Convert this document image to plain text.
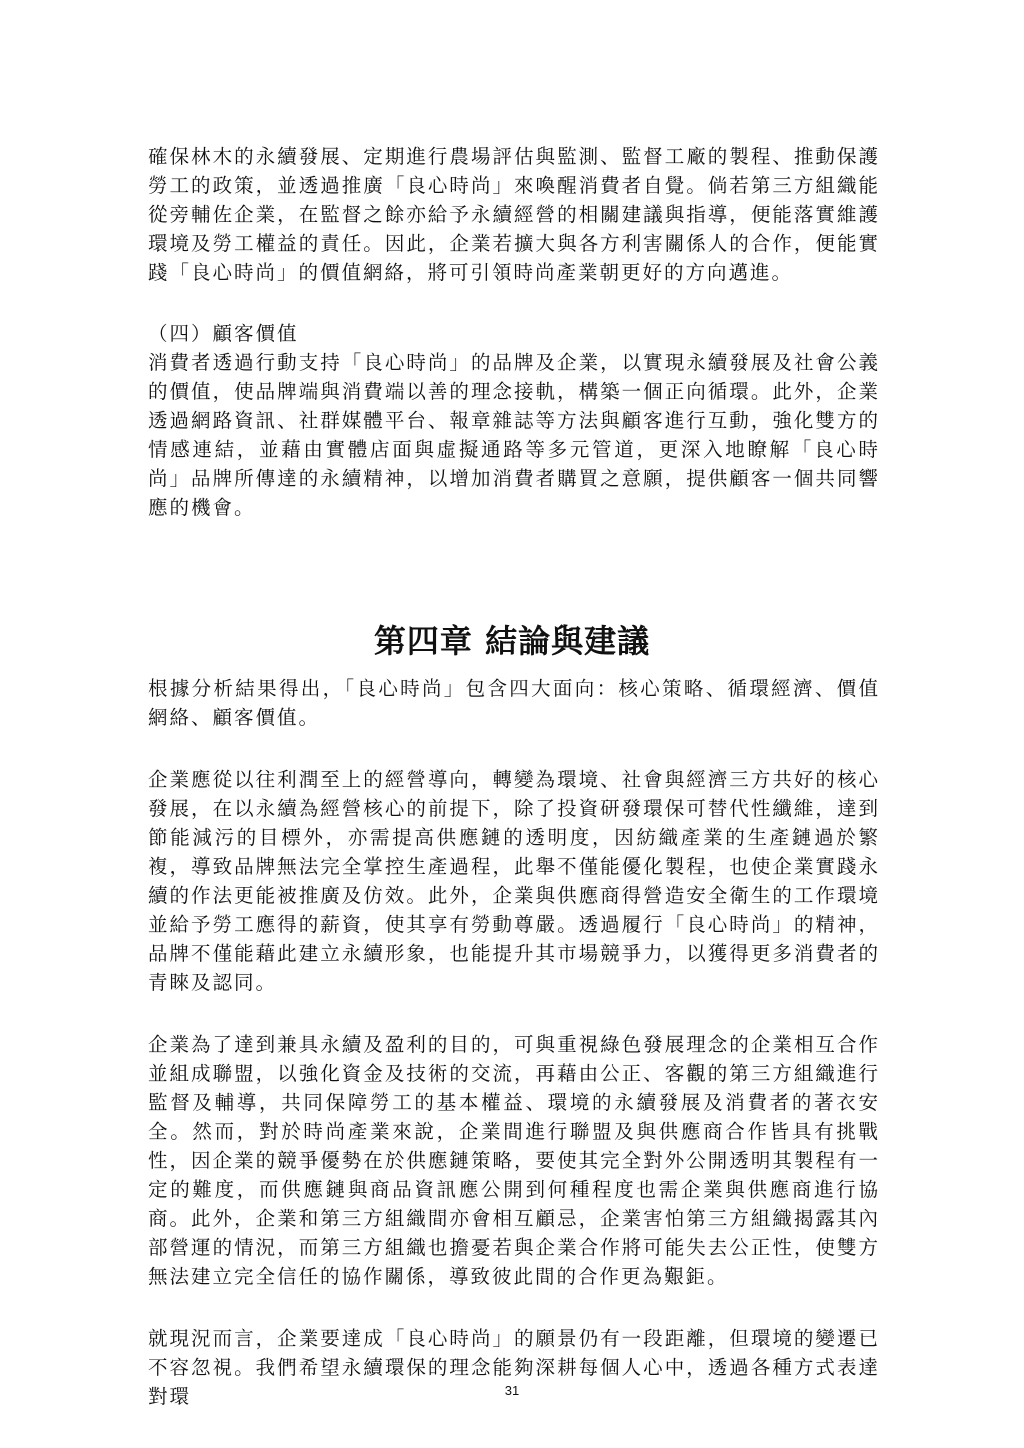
確保林木的永續發展、定期進行農場評估與監測、監督工廠的製程、推動保護勞工的政策，並透過推廣「良心時尚」來喚醒消費者自覺。倘若第三方組織能從旁輔佐企業，在監督之餘亦給予永續經營的相關建議與指導，便能落實維護環境及勞工權益的責任。因此，企業若擴大與各方利害關係人的合作，便能實踐「良心時尚」的價值網絡，將可引領時尚產業朝更好的方向邁進。

（四）顧客價值

消費者透過行動支持「良心時尚」的品牌及企業，以實現永續發展及社會公義的價值，使品牌端與消費端以善的理念接軌，構築一個正向循環。此外，企業透過網路資訊、社群媒體平台、報章雜誌等方法與顧客進行互動，強化雙方的情感連結，並藉由實體店面與虛擬通路等多元管道，更深入地瞭解「良心時尚」品牌所傳達的永續精神，以增加消費者購買之意願，提供顧客一個共同響應的機會。

第四章 結論與建議

根據分析結果得出，「良心時尚」包含四大面向：核心策略、循環經濟、價值網絡、顧客價值。

企業應從以往利潤至上的經營導向，轉變為環境、社會與經濟三方共好的核心發展，在以永續為經營核心的前提下，除了投資研發環保可替代性纖維，達到節能減污的目標外，亦需提高供應鏈的透明度，因紡織產業的生產鏈過於繁複，導致品牌無法完全掌控生產過程，此舉不僅能優化製程，也使企業實踐永續的作法更能被推廣及仿效。此外，企業與供應商得營造安全衛生的工作環境並給予勞工應得的薪資，使其享有勞動尊嚴。透過履行「良心時尚」的精神，品牌不僅能藉此建立永續形象，也能提升其市場競爭力，以獲得更多消費者的青睞及認同。

企業為了達到兼具永續及盈利的目的，可與重視綠色發展理念的企業相互合作並組成聯盟，以強化資金及技術的交流，再藉由公正、客觀的第三方組織進行監督及輔導，共同保障勞工的基本權益、環境的永續發展及消費者的著衣安全。然而，對於時尚產業來說，企業間進行聯盟及與供應商合作皆具有挑戰性，因企業的競爭優勢在於供應鏈策略，要使其完全對外公開透明其製程有一定的難度，而供應鏈與商品資訊應公開到何種程度也需企業與供應商進行協商。此外，企業和第三方組織間亦會相互顧忌，企業害怕第三方組織揭露其內部營運的情況，而第三方組織也擔憂若與企業合作將可能失去公正性，使雙方無法建立完全信任的協作關係，導致彼此間的合作更為艱鉅。

就現況而言，企業要達成「良心時尚」的願景仍有一段距離，但環境的變遷已不容忽視。我們希望永續環保的理念能夠深耕每個人心中，透過各種方式表達對環	31
